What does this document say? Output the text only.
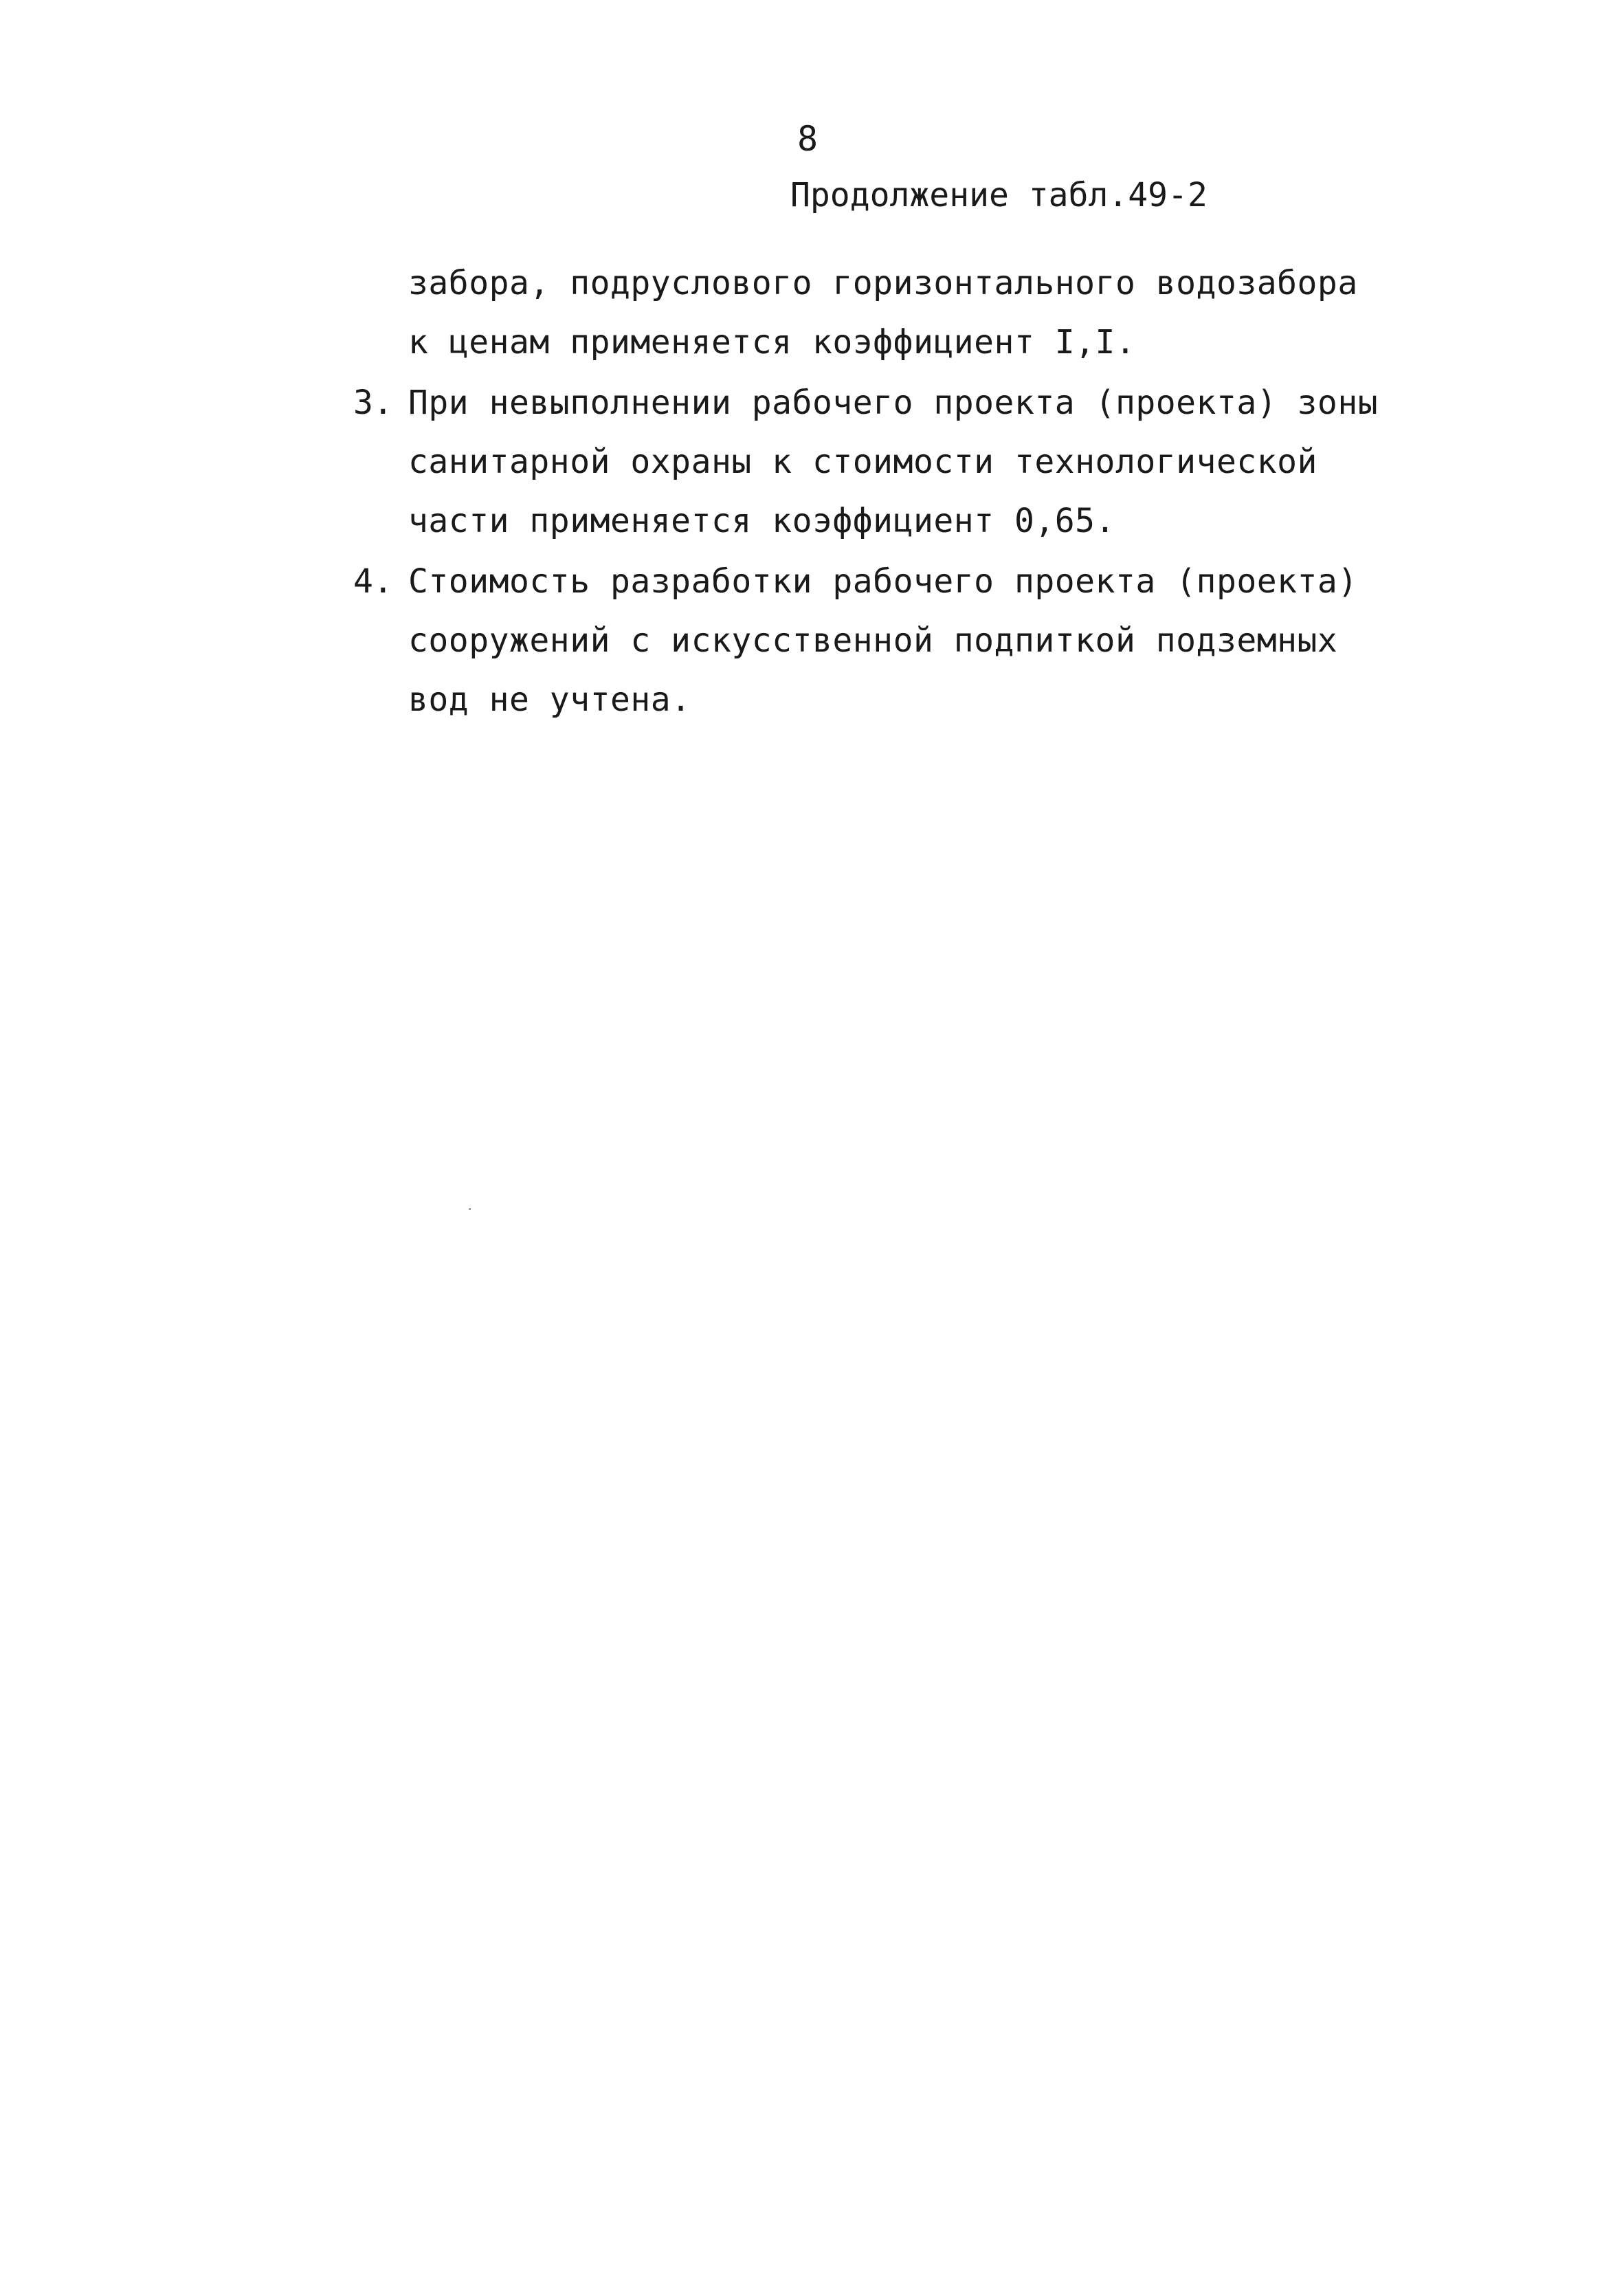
8
Продолжение табл.49-2
забора, подруслового горизонтального водозабора
к ценам применяется коэффициент I,I.
3. При невыполнении рабочего проекта (проекта) зоны
санитарной охраны к стоимости технологической
части применяется коэффициент 0,65.
4. Стоимость разработки рабочего проекта (проекта)
сооружений с искусственной подпиткой подземных
вод не учтена.
